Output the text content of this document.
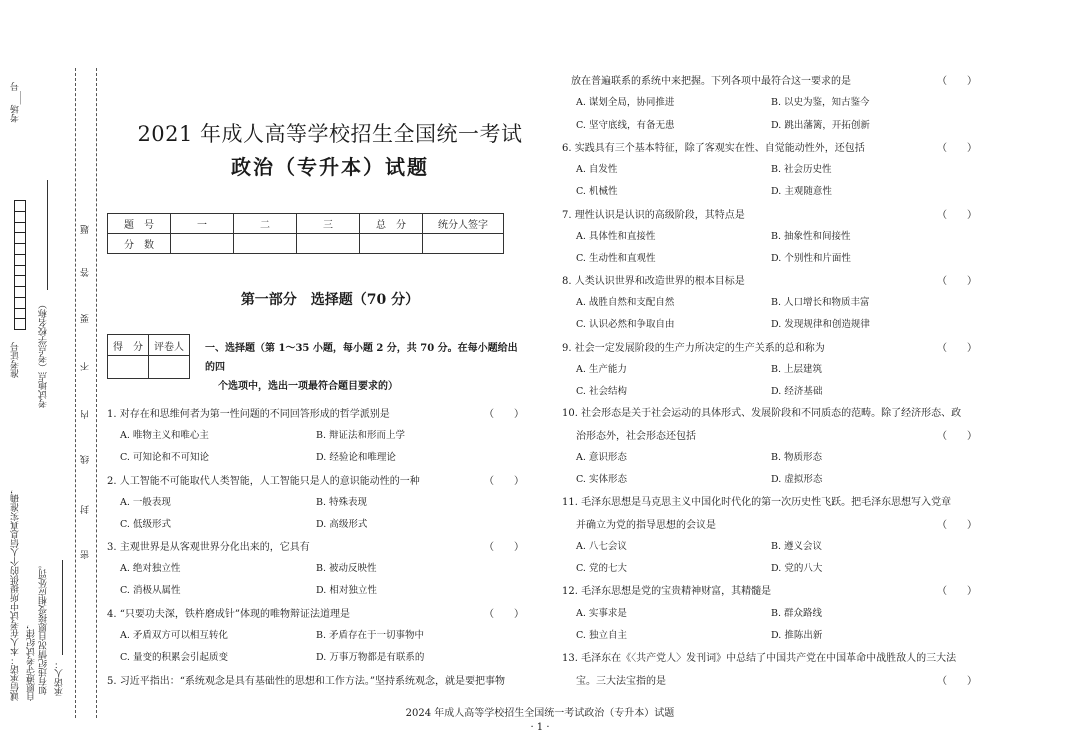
考场___号
准考证号 考试地点（考点学校名称）
诚信承诺：本人在考试中所提供的个人信息真实准确， 自愿遵守考试纪律， 如有违纪情况自愿接受相应处罚。 承诺人：
题
答
要
不
内
线
封
密
2021 年成人高等学校招生全国统一考试
政治（专升本）试题
题　号	一	二	三	总　分	统分人签字
分　数					
第一部分　选择题（70 分）
得　分	评卷人
	一、选择题（第 1～35 小题，每小题 2 分，共 70 分。在每小题给出的四
个选项中，选出一项最符合题目要求的）
1. 对存在和思维何者为第一性问题的不同回答形成的哲学派别是	（　　）
A. 唯物主义和唯心主	B. 辩证法和形而上学
C. 可知论和不可知论	D. 经验论和唯理论
2. 人工智能不可能取代人类智能，人工智能只是人的意识能动性的一种	（　　）
A. 一般表现	B. 特殊表现
C. 低级形式	D. 高级形式
3. 主观世界是从客观世界分化出来的，它具有	（　　）
A. 绝对独立性	B. 被动反映性
C. 消极从属性	D. 相对独立性
4. “只要功夫深，铁杵磨成针”体现的唯物辩证法道理是	（　　）
A. 矛盾双方可以相互转化	B. 矛盾存在于一切事物中
C. 量变的积累会引起质变	D. 万事万物都是有联系的
5. 习近平指出：“系统观念是具有基础性的思想和工作方法。”坚持系统观念，就是要把事物
放在普遍联系的系统中来把握。下列各项中最符合这一要求的是	（　　）
A. 谋划全局，协同推进	B. 以史为鉴，知古鉴今
C. 坚守底线，有备无患	D. 跳出藩篱，开拓创新
6. 实践具有三个基本特征，除了客观实在性、自觉能动性外，还包括	（　　）
A. 自发性	B. 社会历史性
C. 机械性	D. 主观随意性
7. 理性认识是认识的高级阶段，其特点是	（　　）
A. 具体性和直接性	B. 抽象性和间接性
C. 生动性和直观性	D. 个别性和片面性
8. 人类认识世界和改造世界的根本目标是	（　　）
A. 战胜自然和支配自然	B. 人口增长和物质丰富
C. 认识必然和争取自由	D. 发现规律和创造规律
9. 社会一定发展阶段的生产力所决定的生产关系的总和称为	（　　）
A. 生产能力	B. 上层建筑
C. 社会结构	D. 经济基础
10. 社会形态是关于社会运动的具体形式、发展阶段和不同质态的范畴。除了经济形态、政
治形态外，社会形态还包括	（　　）
A. 意识形态	B. 物质形态
C. 实体形态	D. 虚拟形态
11. 毛泽东思想是马克思主义中国化时代化的第一次历史性飞跃。把毛泽东思想写入党章
并确立为党的指导思想的会议是	（　　）
A. 八七会议	B. 遵义会议
C. 党的七大	D. 党的八大
12. 毛泽东思想是党的宝贵精神财富，其精髓是	（　　）
A. 实事求是	B. 群众路线
C. 独立自主	D. 推陈出新
13. 毛泽东在《〈共产党人〉发刊词》中总结了中国共产党在中国革命中战胜敌人的三大法
宝。三大法宝指的是	（　　）
2024 年成人高等学校招生全国统一考试政治（专升本）试题
· 1 ·
